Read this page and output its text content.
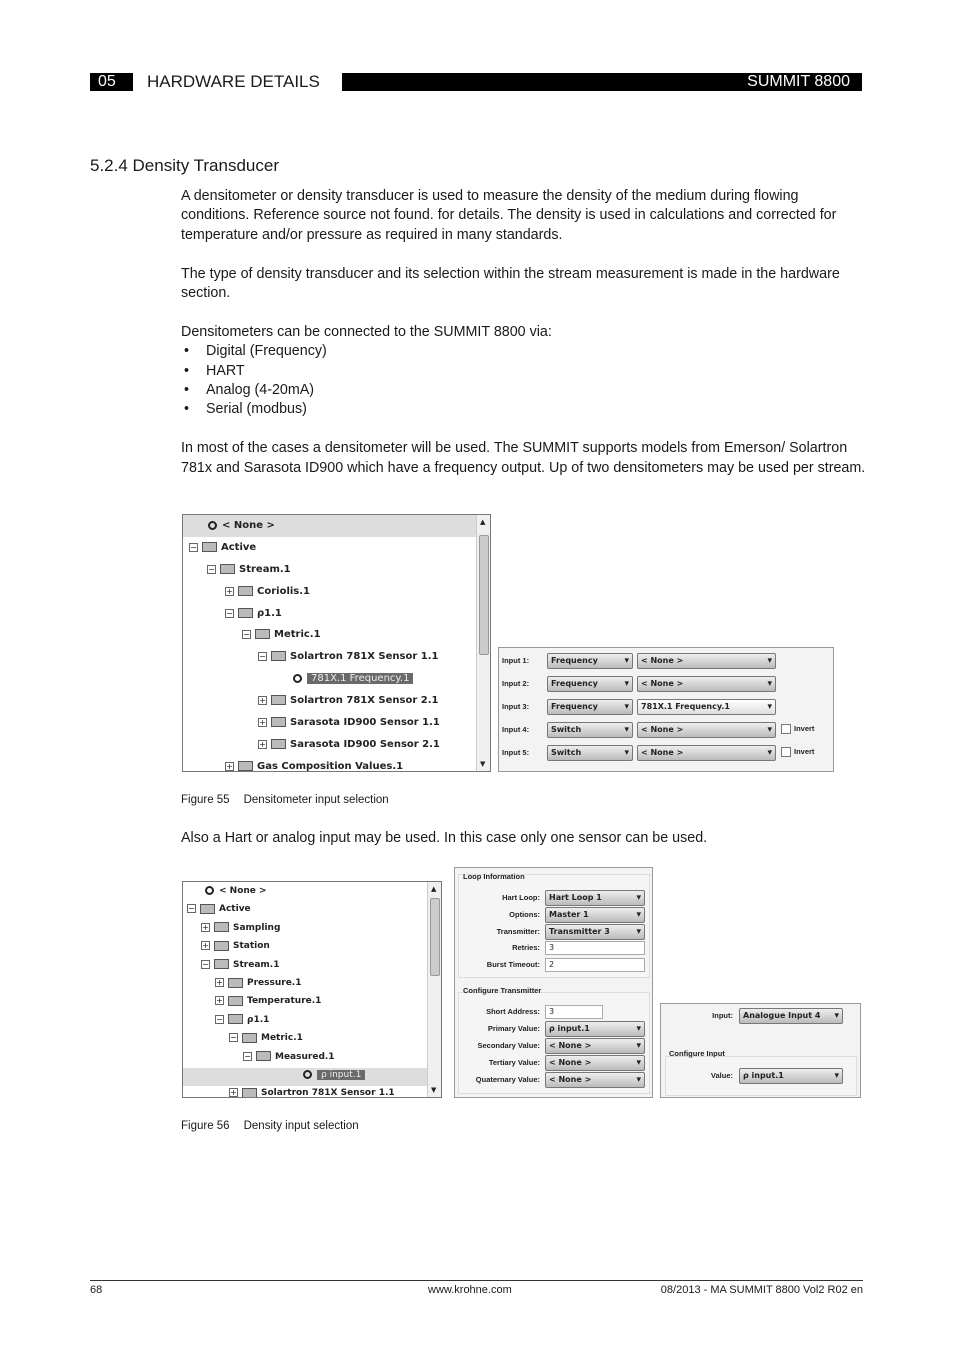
05	HARDWARE DETAILS	SUMMIT 8800
5.2.4 Density Transducer

A densitometer or density transducer is used to measure the density of the medium during flowing conditions. Reference source not found. for details. The density is used in calculations and corrected for temperature and/or pressure as required in many standards.

The type of density transducer and its selection within the stream measurement is made in the hardware section.

Densitometers can be connected to the SUMMIT 8800 via:

• Digital (Frequency)

• HART

• Analog (4-20mA)

• Serial (modbus)

In most of the cases a densitometer will be used. The SUMMIT supports models from Emerson/ Solartron 781x and Sarasota ID900 which have a frequency output. Up of two densitometers may be used per stream.

< None >
− Active
− Stream.1
+ Coriolis.1
− ρ1.1
− Metric.1
− Solartron 781X Sensor 1.1
781X.1 Frequency.1
+ Solartron 781X Sensor 2.1
+ Sarasota ID900 Sensor 1.1
+ Sarasota ID900 Sensor 2.1
+ Gas Composition Values.1
▲
▼
Input 1:	Frequency ▾	< None > ▾
Input 2:	Frequency ▾	< None > ▾
Input 3:	Frequency ▾	781X.1 Frequency.1 ▾
Input 4:	Switch ▾	< None > ▾	Invert
Input 5:	Switch ▾	< None > ▾	Invert
Figure 55 Densitometer input selection
Also a Hart or analog input may be used. In this case only one sensor can be used.
< None >
−	Active
+	Sampling
+	Station
−	Stream.1
+	Pressure.1
+	Temperature.1
−	ρ1.1
−	Metric.1
−	Measured.1
ρ input.1
+	Solartron 781X Sensor 1.1
▲
▼
Loop Information
Hart Loop:	Hart Loop 1 ▾
Options:	Master 1 ▾
Transmitter:	Transmitter 3 ▾
Retries:	3
Burst Timeout:	2
Configure Transmitter
Short Address:	3
Primary Value:	ρ input.1 ▾
Secondary Value:	< None > ▾
Tertiary Value:	< None > ▾
Quaternary Value:	< None > ▾
Input:	Analogue Input 4 ▾
Configure Input
Value:	ρ input.1 ▾
Figure 56 Density input selection
68	www.krohne.com	08/2013 - MA SUMMIT 8800 Vol2 R02 en
